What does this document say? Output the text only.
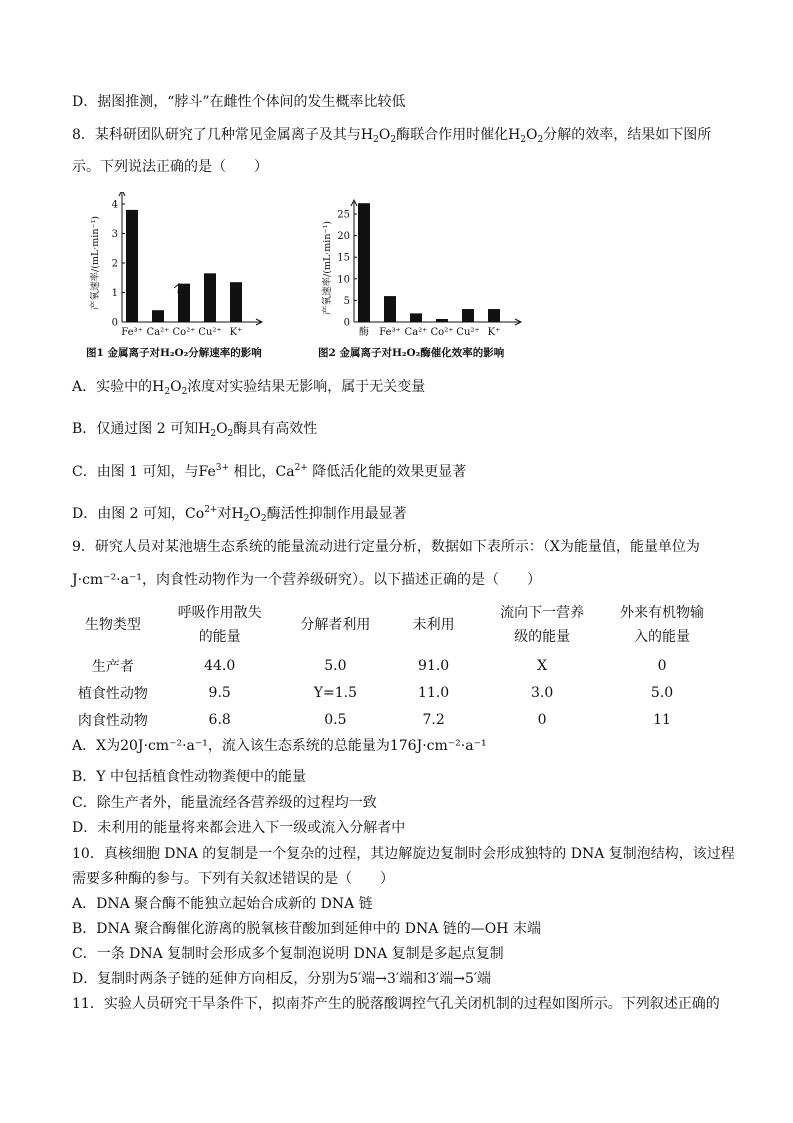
D．据图推测，“脖斗”在雌性个体间的发生概率比较低
8．某科研团队研究了几种常见金属离子及其与$H_2O_2$酶联合作用时催化$H_2O_2$分解的效率，结果如下图所
示。下列说法正确的是（　　）
0
1
2
3
4
Fe³⁺ Ca²⁺ Co²⁺ Cu²⁺ K⁺
产氧速率/(mL·min⁻¹)
图1 金属离子对H₂O₂分解速率的影响
0
5
10
15
20
25
酶 Fe³⁺ Ca²⁺ Co²⁺ Cu²⁺ K⁺
产氧速率/(mL·min⁻¹)
图2 金属离子对H₂O₂酶催化效率的影响
A．实验中的$H_2O_2$浓度对实验结果无影响，属于无关变量
B．仅通过图 2 可知$H_2O_2$酶具有高效性
C．由图 1 可知，与$Fe^{3+}$ 相比，$Ca^{2+}$ 降低活化能的效果更显著
D．由图 2 可知，$Co^{2+}$对$H_2O_2$酶活性抑制作用最显著
9．研究人员对某池塘生态系统的能量流动进行定量分析，数据如下表所示：（X为能量值，能量单位为
J·cm⁻²·a⁻¹，肉食性动物作为一个营养级研究）。以下描述正确的是（　　）
生物类型	呼吸作用散失的能量	分解者利用	未利用	流向下一营养级的能量	外来有机物输入的能量
生产者	44.0	5.0	91.0	X	0
植食性动物	9.5	Y=1.5	11.0	3.0	5.0
肉食性动物	6.8	0.5	7.2	0	11
A．X为20J·cm⁻²·a⁻¹，流入该生态系统的总能量为176J·cm⁻²·a⁻¹
B．Y 中包括植食性动物粪便中的能量
C．除生产者外，能量流经各营养级的过程均一致
D．未利用的能量将来都会进入下一级或流入分解者中
10．真核细胞 DNA 的复制是一个复杂的过程，其边解旋边复制时会形成独特的 DNA 复制泡结构，该过程
需要多种酶的参与。下列有关叙述错误的是（　　）
A．DNA 聚合酶不能独立起始合成新的 DNA 链
B．DNA 聚合酶催化游离的脱氧核苷酸加到延伸中的 DNA 链的—OH 末端
C．一条 DNA 复制时会形成多个复制泡说明 DNA 复制是多起点复制
D．复制时两条子链的延伸方向相反，分别为5′端→3′端和3′端→5′端
11．实验人员研究干旱条件下，拟南芥产生的脱落酸调控气孔关闭机制的过程如图所示。下列叙述正确的
